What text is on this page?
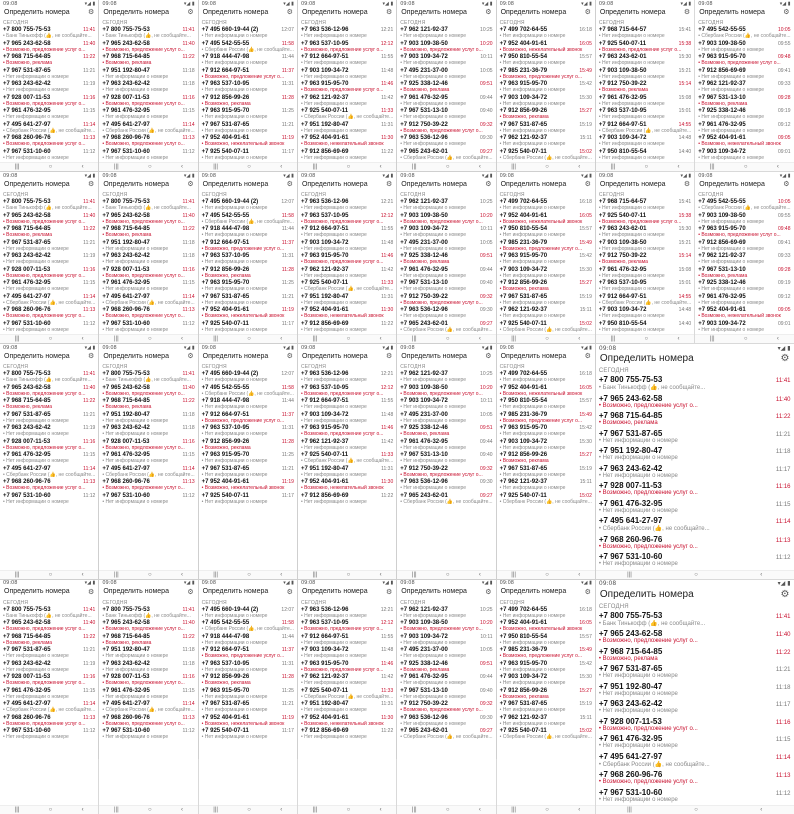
09:08	▾◢ ▮
Определить номера	⚙
СЕГОДНЯ
+7 800 755-75-53	11:41
• Банк Тинькофф (👍, не сообщайте...
+7 965 243-62-58	11:40
• Возможно, предложение услуг о...
+7 968 715-64-85	11:22
• Возможно, реклама
+7 967 531-87-65	11:21
• Нет информации о номере
+7 963 243-62-42	11:19
• Нет информации о номере
+7 928 007-11-53	11:16
• Возможно, предложение услуг о...
+7 961 476-32-95	11:15
• Нет информации о номере
+7 495 641-27-97	11:14
• Сбербанк России (👍, не сообщайте...
+7 968 260-96-76	11:13
• Возможно, предложение услуг о...
+7 967 531-10-60	11:12
• Нет информации о номере
|||	○	‹
09:08	▾◢ ▮
Определить номера	⚙
СЕГОДНЯ
+7 800 755-75-53	11:41
• Банк Тинькофф (👍, не сообщайте...
+7 965 243-62-58	11:40
• Возможно, предложение услуг о...
+7 968 715-64-85	11:22
• Возможно, реклама
+7 951 192-80-47	11:18
• Нет информации о номере
+7 963 243-62-42	11:18
• Нет информации о номере
+7 928 007-11-53	11:16
• Возможно, предложение услуг о...
+7 961 476-32-95	11:15
• Нет информации о номере
+7 495 641-27-97	11:14
• Сбербанк России (👍, не сообщайте...
+7 968 260-96-76	11:13
• Возможно, предложение услуг о...
+7 967 531-10-60	11:12
• Нет информации о номере
|||	○	‹
09:08	▾◢ ▮
Определить номера	⚙
СЕГОДНЯ
+7 495 660-19-44 (2)	12:07
• Нет информации о номере
+7 495 542-55-55	11:58
• Сбербанк России (👍, не сообщайте...
+7 918 444-47-98	11:44
• Нет информации о номере
+7 912 664-97-51	11:37
• Возможно, предложение услуг о...
+7 963 537-10-95	11:31
• Нет информации о номере
+7 912 856-99-26	11:28
• Возможно, реклама
+7 963 915-95-70	11:25
• Нет информации о номере
+7 967 531-87-65	11:21
• Нет информации о номере
+7 952 404-91-61	11:19
• Возможно, нежелательный звонок
+7 925 540-07-11	11:17
• Нет информации о номере
|||	○	‹
09:08	▾◢ ▮
Определить номера	⚙
СЕГОДНЯ
+7 963 536-12-96	12:21
• Нет информации о номере
+7 963 537-10-95	12:12
• Возможно, предложение услуг о...
+7 912 664-97-51	11:55
• Нет информации о номере
+7 903 109-34-72	11:48
• Нет информации о номере
+7 963 915-95-70	11:46
• Возможно, предложение услуг о...
+7 962 121-92-37	11:42
• Нет информации о номере
+7 925 540-07-11	11:33
• Сбербанк России (👍, не сообщайте...
+7 951 192-80-47	11:31
• Нет информации о номере
+7 952 404-91-61	11:30
• Возможно, нежелательный звонок
+7 912 856-69-69	11:22
• Нет информации о номере
|||	○	‹
09:08	▾◢ ▮
Определить номера	⚙
СЕГОДНЯ
+7 962 121-92-37	10:25
• Нет информации о номере
+7 903 109-38-50	10:20
• Возможно, предложение услуг о...
+7 903 109-34-72	10:11
• Нет информации о номере
+7 495 231-37-00	10:05
• Нет информации о номере
+7 925 338-12-46	09:51
• Возможно, реклама
+7 961 476-32-95	09:44
• Нет информации о номере
+7 967 531-13-10	09:40
• Нет информации о номере
+7 912 750-39-22	09:32
• Возможно, предложение услуг о...
+7 963 536-12-96	09:30
• Нет информации о номере
+7 965 243-62-01	09:27
• Сбербанк России (👍, не сообщайте...
|||	○	‹
09:08	▾◢ ▮
Определить номера	⚙
СЕГОДНЯ
+7 499 702-64-55	16:18
• Нет информации о номере
+7 952 404-91-61	16:05
• Возможно, нежелательный звонок
+7 950 810-55-54	15:57
• Нет информации о номере
+7 985 231-36-79	15:49
• Возможно, предложение услуг о...
+7 963 915-95-70	15:42
• Нет информации о номере
+7 903 109-34-72	15:30
• Нет информации о номере
+7 912 856-99-26	15:27
• Возможно, реклама
+7 967 531-87-65	15:19
• Нет информации о номере
+7 962 121-92-37	15:11
• Нет информации о номере
+7 925 540-07-11	15:02
• Сбербанк России (👍, не сообщайте...
|||	○	‹
09:08	▾◢ ▮
Определить номера	⚙
СЕГОДНЯ
+7 968 715-64-57	15:41
• Нет информации о номере
+7 925 540-07-11	15:38
• Возможно, предложение услуг о...
+7 963 243-62-01	15:30
• Нет информации о номере
+7 903 109-38-50	15:21
• Нет информации о номере
+7 912 750-39-22	15:14
• Возможно, реклама
+7 961 476-32-95	15:08
• Нет информации о номере
+7 963 537-10-95	15:01
• Нет информации о номере
+7 912 664-97-51	14:55
• Сбербанк России (👍, не сообщайте...
+7 903 109-34-72	14:48
• Нет информации о номере
+7 950 810-55-54	14:40
• Нет информации о номере
|||	○	‹
09:08	▾◢ ▮
Определить номера	⚙
СЕГОДНЯ
+7 495 542-55-55	10:05
• Сбербанк России (👍, не сообщайте...
+7 903 109-38-50	09:55
• Нет информации о номере
+7 963 915-95-70	09:48
• Возможно, предложение услуг о...
+7 912 856-69-69	09:41
• Нет информации о номере
+7 962 121-92-37	09:33
• Нет информации о номере
+7 967 531-13-10	09:28
• Возможно, реклама
+7 925 338-12-46	09:19
• Нет информации о номере
+7 961 476-32-95	09:12
• Нет информации о номере
+7 952 404-91-61	09:05
• Возможно, нежелательный звонок
+7 903 109-34-72	09:01
• Нет информации о номере
|||	○	‹
09:08	▾◢ ▮
Определить номера	⚙
СЕГОДНЯ
+7 800 755-75-53	11:41
• Банк Тинькофф (👍, не сообщайте...
+7 965 243-62-58	11:40
• Возможно, предложение услуг о...
+7 968 715-64-85	11:22
• Возможно, реклама
+7 967 531-87-65	11:21
• Нет информации о номере
+7 963 243-62-42	11:19
• Нет информации о номере
+7 928 007-11-53	11:16
• Возможно, предложение услуг о...
+7 961 476-32-95	11:15
• Нет информации о номере
+7 495 641-27-97	11:14
• Сбербанк России (👍, не сообщайте...
+7 968 260-96-76	11:13
• Возможно, предложение услуг о...
+7 967 531-10-60	11:12
• Нет информации о номере
|||	○	‹
09:08	▾◢ ▮
Определить номера	⚙
СЕГОДНЯ
+7 800 755-75-53	11:41
• Банк Тинькофф (👍, не сообщайте...
+7 965 243-62-58	11:40
• Возможно, предложение услуг о...
+7 968 715-64-85	11:22
• Возможно, реклама
+7 951 192-80-47	11:18
• Нет информации о номере
+7 963 243-62-42	11:18
• Нет информации о номере
+7 928 007-11-53	11:16
• Возможно, предложение услуг о...
+7 961 476-32-95	11:15
• Нет информации о номере
+7 495 641-27-97	11:14
• Сбербанк России (👍, не сообщайте...
+7 968 260-96-76	11:13
• Возможно, предложение услуг о...
+7 967 531-10-60	11:12
• Нет информации о номере
|||	○	‹
09:08	▾◢ ▮
Определить номера	⚙
СЕГОДНЯ
+7 495 660-19-44 (2)	12:07
• Нет информации о номере
+7 495 542-55-55	11:58
• Сбербанк России (👍, не сообщайте...
+7 918 444-47-98	11:44
• Нет информации о номере
+7 912 664-97-51	11:37
• Возможно, предложение услуг о...
+7 963 537-10-95	11:31
• Нет информации о номере
+7 912 856-99-26	11:28
• Возможно, реклама
+7 963 915-95-70	11:25
• Нет информации о номере
+7 967 531-87-65	11:21
• Нет информации о номере
+7 952 404-91-61	11:19
• Возможно, нежелательный звонок
+7 925 540-07-11	11:17
• Нет информации о номере
|||	○	‹
09:08	▾◢ ▮
Определить номера	⚙
СЕГОДНЯ
+7 963 536-12-96	12:21
• Нет информации о номере
+7 963 537-10-95	12:12
• Возможно, предложение услуг о...
+7 912 664-97-51	11:55
• Нет информации о номере
+7 903 109-34-72	11:48
• Нет информации о номере
+7 963 915-95-70	11:46
• Возможно, предложение услуг о...
+7 962 121-92-37	11:42
• Нет информации о номере
+7 925 540-07-11	11:33
• Сбербанк России (👍, не сообщайте...
+7 951 192-80-47	11:31
• Нет информации о номере
+7 952 404-91-61	11:30
• Возможно, нежелательный звонок
+7 912 856-69-69	11:22
• Нет информации о номере
|||	○	‹
09:08	▾◢ ▮
Определить номера	⚙
СЕГОДНЯ
+7 962 121-92-37	10:25
• Нет информации о номере
+7 903 109-38-50	10:20
• Возможно, предложение услуг о...
+7 903 109-34-72	10:11
• Нет информации о номере
+7 495 231-37-00	10:05
• Нет информации о номере
+7 925 338-12-46	09:51
• Возможно, реклама
+7 961 476-32-95	09:44
• Нет информации о номере
+7 967 531-13-10	09:40
• Нет информации о номере
+7 912 750-39-22	09:32
• Возможно, предложение услуг о...
+7 963 536-12-96	09:30
• Нет информации о номере
+7 965 243-62-01	09:27
• Сбербанк России (👍, не сообщайте...
|||	○	‹
09:08	▾◢ ▮
Определить номера	⚙
СЕГОДНЯ
+7 499 702-64-55	16:18
• Нет информации о номере
+7 952 404-91-61	16:05
• Возможно, нежелательный звонок
+7 950 810-55-54	15:57
• Нет информации о номере
+7 985 231-36-79	15:49
• Возможно, предложение услуг о...
+7 963 915-95-70	15:42
• Нет информации о номере
+7 903 109-34-72	15:30
• Нет информации о номере
+7 912 856-99-26	15:27
• Возможно, реклама
+7 967 531-87-65	15:19
• Нет информации о номере
+7 962 121-92-37	15:11
• Нет информации о номере
+7 925 540-07-11	15:02
• Сбербанк России (👍, не сообщайте...
|||	○	‹
09:08	▾◢ ▮
Определить номера	⚙
СЕГОДНЯ
+7 968 715-64-57	15:41
• Нет информации о номере
+7 925 540-07-11	15:38
• Возможно, предложение услуг о...
+7 963 243-62-01	15:30
• Нет информации о номере
+7 903 109-38-50	15:21
• Нет информации о номере
+7 912 750-39-22	15:14
• Возможно, реклама
+7 961 476-32-95	15:08
• Нет информации о номере
+7 963 537-10-95	15:01
• Нет информации о номере
+7 912 664-97-51	14:55
• Сбербанк России (👍, не сообщайте...
+7 903 109-34-72	14:48
• Нет информации о номере
+7 950 810-55-54	14:40
• Нет информации о номере
|||	○	‹
09:08	▾◢ ▮
Определить номера	⚙
СЕГОДНЯ
+7 495 542-55-55	10:05
• Сбербанк России (👍, не сообщайте...
+7 903 109-38-50	09:55
• Нет информации о номере
+7 963 915-95-70	09:48
• Возможно, предложение услуг о...
+7 912 856-69-69	09:41
• Нет информации о номере
+7 962 121-92-37	09:33
• Нет информации о номере
+7 967 531-13-10	09:28
• Возможно, реклама
+7 925 338-12-46	09:19
• Нет информации о номере
+7 961 476-32-95	09:12
• Нет информации о номере
+7 952 404-91-61	09:05
• Возможно, нежелательный звонок
+7 903 109-34-72	09:01
• Нет информации о номере
|||	○	‹
09:08	▾◢ ▮
Определить номера	⚙
СЕГОДНЯ
+7 800 755-75-53	11:41
• Банк Тинькофф (👍, не сообщайте...
+7 965 243-62-58	11:40
• Возможно, предложение услуг о...
+7 968 715-64-85	11:22
• Возможно, реклама
+7 967 531-87-65	11:21
• Нет информации о номере
+7 963 243-62-42	11:19
• Нет информации о номере
+7 928 007-11-53	11:16
• Возможно, предложение услуг о...
+7 961 476-32-95	11:15
• Нет информации о номере
+7 495 641-27-97	11:14
• Сбербанк России (👍, не сообщайте...
+7 968 260-96-76	11:13
• Возможно, предложение услуг о...
+7 967 531-10-60	11:12
• Нет информации о номере
|||	○	‹
09:08	▾◢ ▮
Определить номера	⚙
СЕГОДНЯ
+7 800 755-75-53	11:41
• Банк Тинькофф (👍, не сообщайте...
+7 965 243-62-58	11:40
• Возможно, предложение услуг о...
+7 968 715-64-85	11:22
• Возможно, реклама
+7 951 192-80-47	11:18
• Нет информации о номере
+7 963 243-62-42	11:18
• Нет информации о номере
+7 928 007-11-53	11:16
• Возможно, предложение услуг о...
+7 961 476-32-95	11:15
• Нет информации о номере
+7 495 641-27-97	11:14
• Сбербанк России (👍, не сообщайте...
+7 968 260-96-76	11:13
• Возможно, предложение услуг о...
+7 967 531-10-60	11:12
• Нет информации о номере
|||	○	‹
09:08	▾◢ ▮
Определить номера	⚙
СЕГОДНЯ
+7 495 660-19-44 (2)	12:07
• Нет информации о номере
+7 495 542-55-55	11:58
• Сбербанк России (👍, не сообщайте...
+7 918 444-47-98	11:44
• Нет информации о номере
+7 912 664-97-51	11:37
• Возможно, предложение услуг о...
+7 963 537-10-95	11:31
• Нет информации о номере
+7 912 856-99-26	11:28
• Возможно, реклама
+7 963 915-95-70	11:25
• Нет информации о номере
+7 967 531-87-65	11:21
• Нет информации о номере
+7 952 404-91-61	11:19
• Возможно, нежелательный звонок
+7 925 540-07-11	11:17
• Нет информации о номере
|||	○	‹
09:08	▾◢ ▮
Определить номера	⚙
СЕГОДНЯ
+7 963 536-12-96	12:21
• Нет информации о номере
+7 963 537-10-95	12:12
• Возможно, предложение услуг о...
+7 912 664-97-51	11:55
• Нет информации о номере
+7 903 109-34-72	11:48
• Нет информации о номере
+7 963 915-95-70	11:46
• Возможно, предложение услуг о...
+7 962 121-92-37	11:42
• Нет информации о номере
+7 925 540-07-11	11:33
• Сбербанк России (👍, не сообщайте...
+7 951 192-80-47	11:31
• Нет информации о номере
+7 952 404-91-61	11:30
• Возможно, нежелательный звонок
+7 912 856-69-69	11:22
• Нет информации о номере
|||	○	‹
09:08	▾◢ ▮
Определить номера	⚙
СЕГОДНЯ
+7 962 121-92-37	10:25
• Нет информации о номере
+7 903 109-38-50	10:20
• Возможно, предложение услуг о...
+7 903 109-34-72	10:11
• Нет информации о номере
+7 495 231-37-00	10:05
• Нет информации о номере
+7 925 338-12-46	09:51
• Возможно, реклама
+7 961 476-32-95	09:44
• Нет информации о номере
+7 967 531-13-10	09:40
• Нет информации о номере
+7 912 750-39-22	09:32
• Возможно, предложение услуг о...
+7 963 536-12-96	09:30
• Нет информации о номере
+7 965 243-62-01	09:27
• Сбербанк России (👍, не сообщайте...
|||	○	‹
09:08	▾◢ ▮
Определить номера	⚙
СЕГОДНЯ
+7 499 702-64-55	16:18
• Нет информации о номере
+7 952 404-91-61	16:05
• Возможно, нежелательный звонок
+7 950 810-55-54	15:57
• Нет информации о номере
+7 985 231-36-79	15:49
• Возможно, предложение услуг о...
+7 963 915-95-70	15:42
• Нет информации о номере
+7 903 109-34-72	15:30
• Нет информации о номере
+7 912 856-99-26	15:27
• Возможно, реклама
+7 967 531-87-65	15:19
• Нет информации о номере
+7 962 121-92-37	15:11
• Нет информации о номере
+7 925 540-07-11	15:02
• Сбербанк России (👍, не сообщайте...
|||	○	‹
09:08	▾◢ ▮
Определить номера	⚙
СЕГОДНЯ
+7 800 755-75-53	11:41
• Банк Тинькофф (👍, не сообщайте...
+7 965 243-62-58	11:40
• Возможно, предложение услуг о...
+7 968 715-64-85	11:22
• Возможно, реклама
+7 967 531-87-65	11:21
• Нет информации о номере
+7 963 243-62-42	11:19
• Нет информации о номере
+7 928 007-11-53	11:16
• Возможно, предложение услуг о...
+7 961 476-32-95	11:15
• Нет информации о номере
+7 495 641-27-97	11:14
• Сбербанк России (👍, не сообщайте...
+7 968 260-96-76	11:13
• Возможно, предложение услуг о...
+7 967 531-10-60	11:12
• Нет информации о номере
|||	○	‹
09:08	▾◢ ▮
Определить номера	⚙
СЕГОДНЯ
+7 800 755-75-53	11:41
• Банк Тинькофф (👍, не сообщайте...
+7 965 243-62-58	11:40
• Возможно, предложение услуг о...
+7 968 715-64-85	11:22
• Возможно, реклама
+7 951 192-80-47	11:18
• Нет информации о номере
+7 963 243-62-42	11:18
• Нет информации о номере
+7 928 007-11-53	11:16
• Возможно, предложение услуг о...
+7 961 476-32-95	11:15
• Нет информации о номере
+7 495 641-27-97	11:14
• Сбербанк России (👍, не сообщайте...
+7 968 260-96-76	11:13
• Возможно, предложение услуг о...
+7 967 531-10-60	11:12
• Нет информации о номере
|||	○	‹
09:08	▾◢ ▮
Определить номера	⚙
СЕГОДНЯ
+7 495 660-19-44 (2)	12:07
• Нет информации о номере
+7 495 542-55-55	11:58
• Сбербанк России (👍, не сообщайте...
+7 918 444-47-98	11:44
• Нет информации о номере
+7 912 664-97-51	11:37
• Возможно, предложение услуг о...
+7 963 537-10-95	11:31
• Нет информации о номере
+7 912 856-99-26	11:28
• Возможно, реклама
+7 963 915-95-70	11:25
• Нет информации о номере
+7 967 531-87-65	11:21
• Нет информации о номере
+7 952 404-91-61	11:19
• Возможно, нежелательный звонок
+7 925 540-07-11	11:17
• Нет информации о номере
|||	○	‹
09:08	▾◢ ▮
Определить номера	⚙
СЕГОДНЯ
+7 963 536-12-96	12:21
• Нет информации о номере
+7 963 537-10-95	12:12
• Возможно, предложение услуг о...
+7 912 664-97-51	11:55
• Нет информации о номере
+7 903 109-34-72	11:48
• Нет информации о номере
+7 963 915-95-70	11:46
• Возможно, предложение услуг о...
+7 962 121-92-37	11:42
• Нет информации о номере
+7 925 540-07-11	11:33
• Сбербанк России (👍, не сообщайте...
+7 951 192-80-47	11:31
• Нет информации о номере
+7 952 404-91-61	11:30
• Возможно, нежелательный звонок
+7 912 856-69-69	11:22
• Нет информации о номере
|||	○	‹
09:08	▾◢ ▮
Определить номера	⚙
СЕГОДНЯ
+7 962 121-92-37	10:25
• Нет информации о номере
+7 903 109-38-50	10:20
• Возможно, предложение услуг о...
+7 903 109-34-72	10:11
• Нет информации о номере
+7 495 231-37-00	10:05
• Нет информации о номере
+7 925 338-12-46	09:51
• Возможно, реклама
+7 961 476-32-95	09:44
• Нет информации о номере
+7 967 531-13-10	09:40
• Нет информации о номере
+7 912 750-39-22	09:32
• Возможно, предложение услуг о...
+7 963 536-12-96	09:30
• Нет информации о номере
+7 965 243-62-01	09:27
• Сбербанк России (👍, не сообщайте...
|||	○	‹
09:08	▾◢ ▮
Определить номера	⚙
СЕГОДНЯ
+7 499 702-64-55	16:18
• Нет информации о номере
+7 952 404-91-61	16:05
• Возможно, нежелательный звонок
+7 950 810-55-54	15:57
• Нет информации о номере
+7 985 231-36-79	15:49
• Возможно, предложение услуг о...
+7 963 915-95-70	15:42
• Нет информации о номере
+7 903 109-34-72	15:30
• Нет информации о номере
+7 912 856-99-26	15:27
• Возможно, реклама
+7 967 531-87-65	15:19
• Нет информации о номере
+7 962 121-92-37	15:11
• Нет информации о номере
+7 925 540-07-11	15:02
• Сбербанк России (👍, не сообщайте...
|||	○	‹
09:08	▾◢ ▮
Определить номера	⚙
СЕГОДНЯ
+7 800 755-75-53	11:41
• Банк Тинькофф (👍, не сообщайте...
+7 965 243-62-58	11:40
• Возможно, предложение услуг о...
+7 968 715-64-85	11:22
• Возможно, реклама
+7 967 531-87-65	11:21
• Нет информации о номере
+7 951 192-80-47	11:18
• Нет информации о номере
+7 963 243-62-42	11:17
• Нет информации о номере
+7 928 007-11-53	11:16
• Возможно, предложение услуг о...
+7 961 476-32-95	11:15
• Нет информации о номере
+7 495 641-27-97	11:14
• Сбербанк России (👍, не сообщайте...
+7 968 260-96-76	11:13
• Возможно, предложение услуг о...
+7 967 531-10-60	11:12
• Нет информации о номере
|||	○	‹
09:08	▾◢ ▮
Определить номера	⚙
СЕГОДНЯ
+7 800 755-75-53	11:41
• Банк Тинькофф (👍, не сообщайте...
+7 965 243-62-58	11:40
• Возможно, предложение услуг о...
+7 968 715-64-85	11:22
• Возможно, реклама
+7 967 531-87-65	11:21
• Нет информации о номере
+7 951 192-80-47	11:18
• Нет информации о номере
+7 963 243-62-42	11:17
• Нет информации о номере
+7 928 007-11-53	11:16
• Возможно, предложение услуг о...
+7 961 476-32-95	11:15
• Нет информации о номере
+7 495 641-27-97	11:14
• Сбербанк России (👍, не сообщайте...
+7 968 260-96-76	11:13
• Возможно, предложение услуг о...
+7 967 531-10-60	11:12
• Нет информации о номере
|||	○	‹
